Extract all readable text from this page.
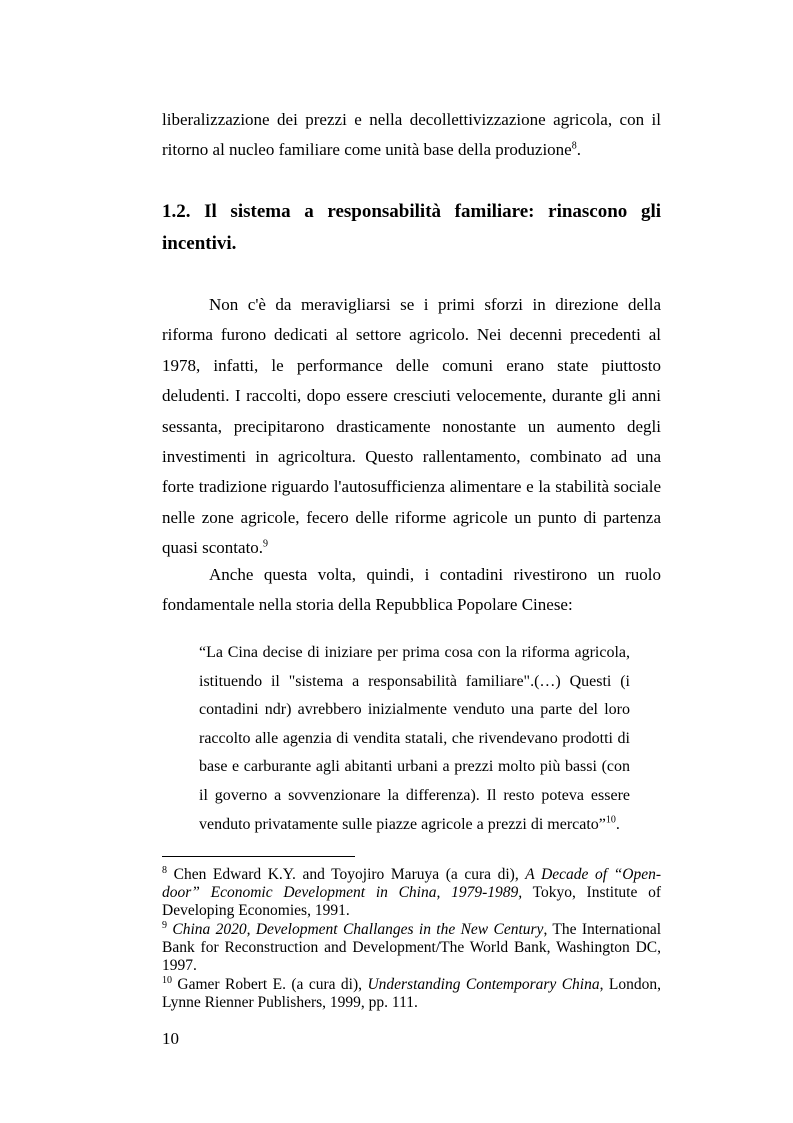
liberalizzazione dei prezzi e nella decollettivizzazione agricola, con il ritorno al nucleo familiare come unità base della produzione$^8$.

1.2. Il sistema a responsabilità familiare: rinascono gli incentivi.

Non c'è da meravigliarsi se i primi sforzi in direzione della riforma furono dedicati al settore agricolo. Nei decenni precedenti al 1978, infatti, le performance delle comuni erano state piuttosto deludenti. I raccolti, dopo essere cresciuti velocemente, durante gli anni sessanta, precipitarono drasticamente nonostante un aumento degli investimenti in agricoltura. Questo rallentamento, combinato ad una forte tradizione riguardo l'autosufficienza alimentare e la stabilità sociale nelle zone agricole, fecero delle riforme agricole un punto di partenza quasi scontato.$^9$

Anche questa volta, quindi, i contadini rivestirono un ruolo fondamentale nella storia della Repubblica Popolare Cinese:

“La Cina decise di iniziare per prima cosa con la riforma agricola, istituendo il "sistema a responsabilità familiare".(…) Questi (i contadini ndr) avrebbero inizialmente venduto una parte del loro raccolto alle agenzia di vendita statali, che rivendevano prodotti di base e carburante agli abitanti urbani a prezzi molto più bassi (con il governo a sovvenzionare la differenza). Il resto poteva essere venduto privatamente sulle piazze agricole a prezzi di mercato”$^{10}$.

$^8$ Chen Edward K.Y. and Toyojiro Maruya (a cura di), A Decade of “Open-door” Economic Development in China, 1979-1989, Tokyo, Institute of Developing Economies, 1991.

$^9$ China 2020, Development Challanges in the New Century, The International Bank for Reconstruction and Development/The World Bank, Washington DC, 1997.

$^{10}$ Gamer Robert E. (a cura di), Understanding Contemporary China, London, Lynne Rienner Publishers, 1999, pp. 111.

10
